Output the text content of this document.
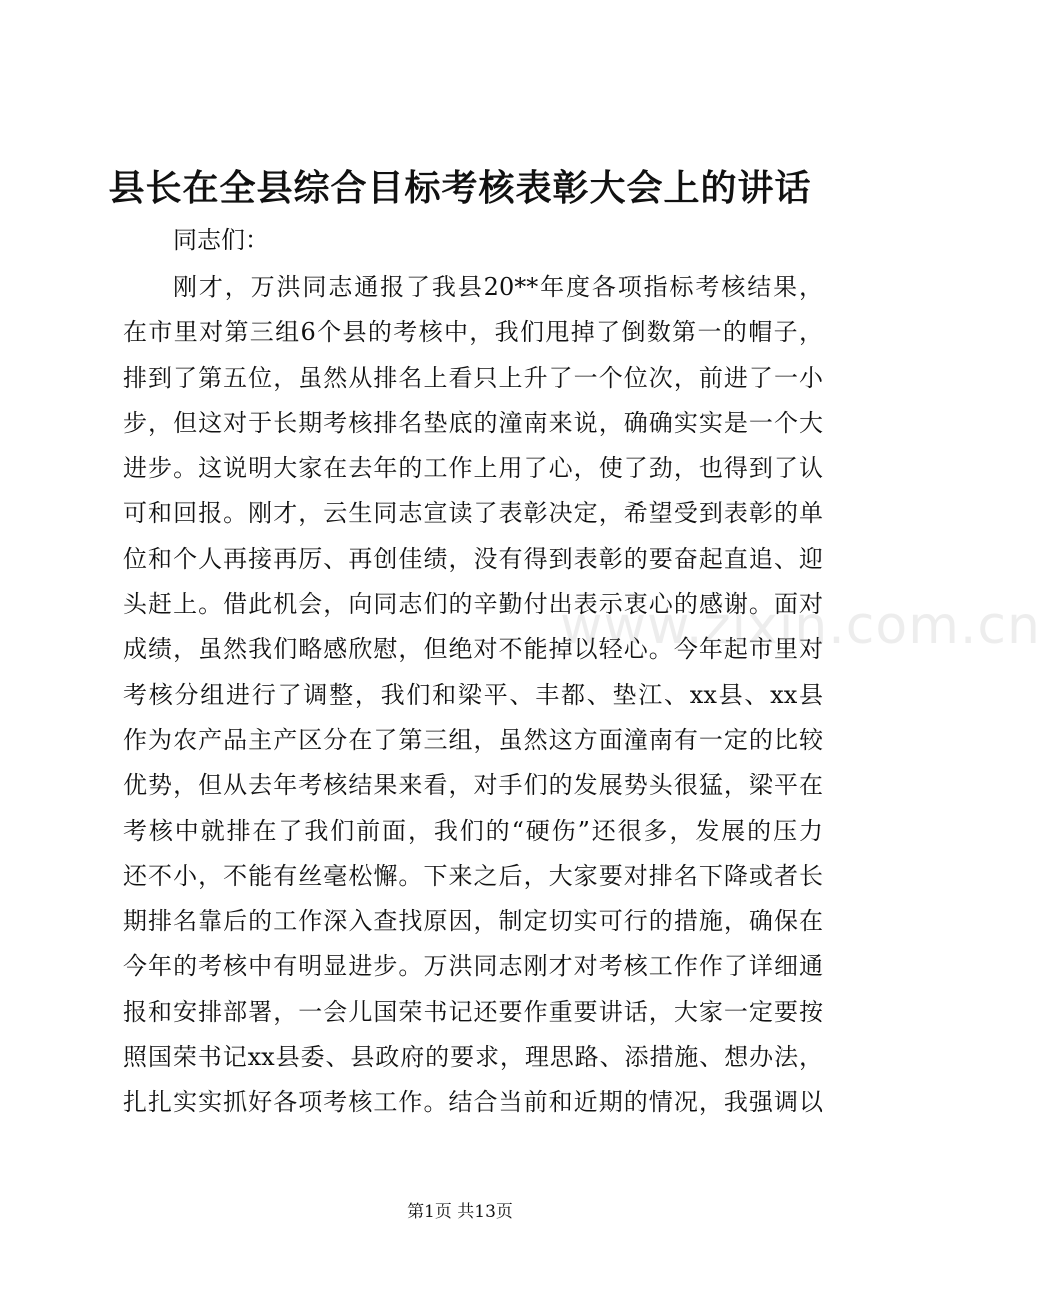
县长在全县综合目标考核表彰大会上的讲话

同志们：

刚才，万洪同志通报了我县20**年度各项指标考核结果，
在市里对第三组6个县的考核中，我们甩掉了倒数第一的帽子，
排到了第五位，虽然从排名上看只上升了一个位次，前进了一小
步，但这对于长期考核排名垫底的潼南来说，确确实实是一个大
进步。这说明大家在去年的工作上用了心，使了劲，也得到了认
可和回报。刚才，云生同志宣读了表彰决定，希望受到表彰的单
位和个人再接再厉、再创佳绩，没有得到表彰的要奋起直追、迎
头赶上。借此机会，向同志们的辛勤付出表示衷心的感谢。面对
成绩，虽然我们略感欣慰，但绝对不能掉以轻心。今年起市里对
考核分组进行了调整，我们和梁平、丰都、垫江、xx县、xx县
作为农产品主产区分在了第三组，虽然这方面潼南有一定的比较
优势，但从去年考核结果来看，对手们的发展势头很猛，梁平在
考核中就排在了我们前面，我们的“硬伤”还很多，发展的压力
还不小，不能有丝毫松懈。下来之后，大家要对排名下降或者长
期排名靠后的工作深入查找原因，制定切实可行的措施，确保在
今年的考核中有明显进步。万洪同志刚才对考核工作作了详细通
报和安排部署，一会儿国荣书记还要作重要讲话，大家一定要按
照国荣书记xx县委、县政府的要求，理思路、添措施、想办法，
扎扎实实抓好各项考核工作。结合当前和近期的情况，我强调以
www.zixin.com.cn
第1页 共13页
